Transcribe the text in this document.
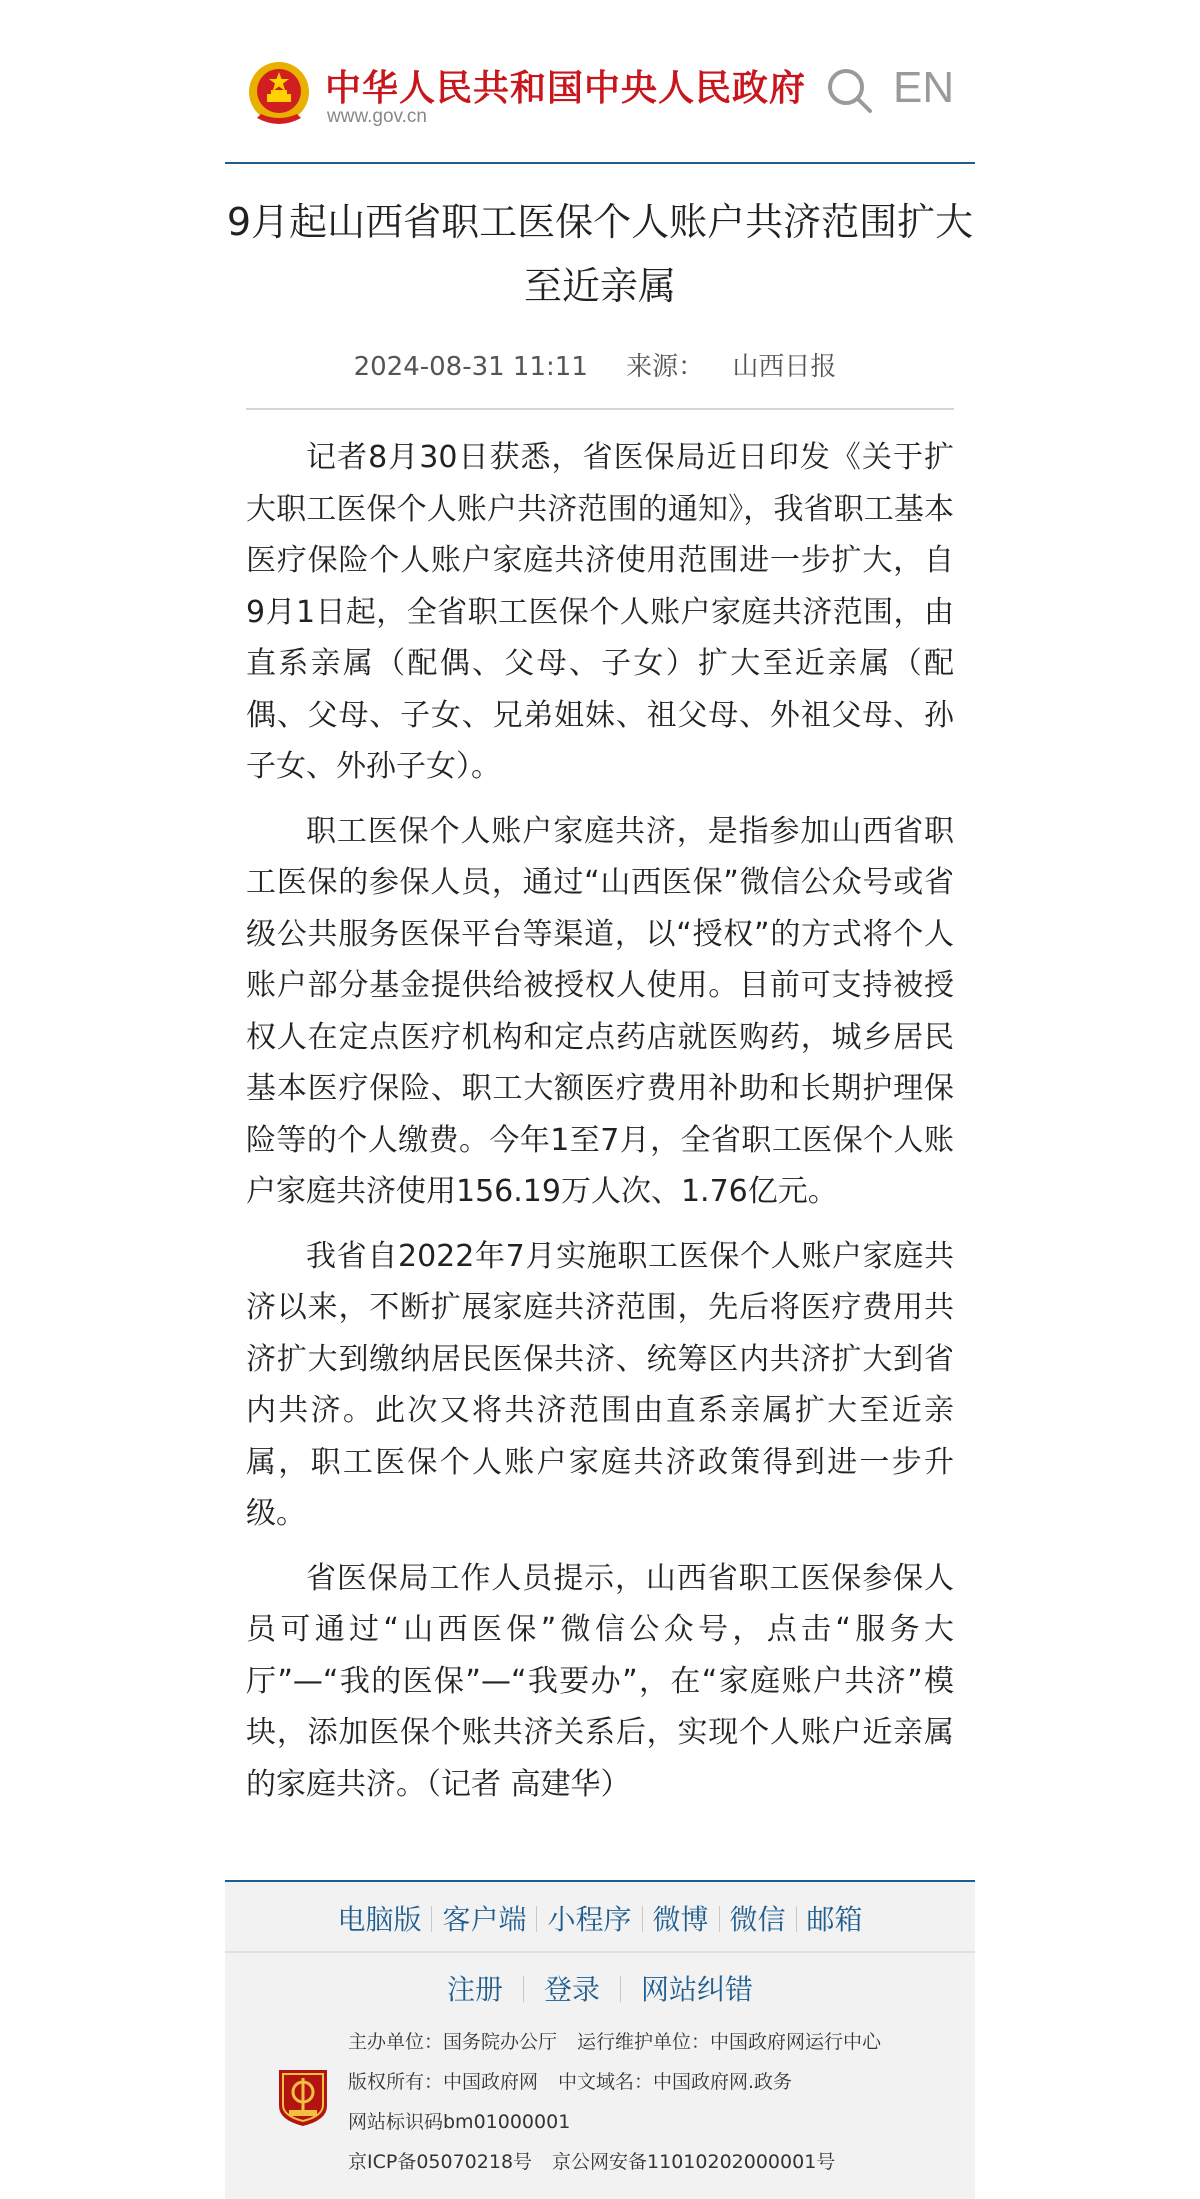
中华人民共和国中央人民政府
www.gov.cn
EN
9月起山西省职工医保个人账户共济范围扩大至近亲属
2024-08-31 11:11 来源： 山西日报

记者8月30日获悉，省医保局近日印发《关于扩大职工医保个人账户共济范围的通知》，我省职工基本医疗保险个人账户家庭共济使用范围进一步扩大，自9月1日起，全省职工医保个人账户家庭共济范围，由直系亲属（配偶、父母、子女）扩大至近亲属（配偶、父母、子女、兄弟姐妹、祖父母、外祖父母、孙子女、外孙子女）。

职工医保个人账户家庭共济，是指参加山西省职工医保的参保人员，通过“山西医保”微信公众号或省级公共服务医保平台等渠道，以“授权”的方式将个人账户部分基金提供给被授权人使用。目前可支持被授权人在定点医疗机构和定点药店就医购药，城乡居民基本医疗保险、职工大额医疗费用补助和长期护理保险等的个人缴费。今年1至7月，全省职工医保个人账户家庭共济使用156.19万人次、1.76亿元。

我省自2022年7月实施职工医保个人账户家庭共济以来，不断扩展家庭共济范围，先后将医疗费用共济扩大到缴纳居民医保共济、统筹区内共济扩大到省内共济。此次又将共济范围由直系亲属扩大至近亲属，职工医保个人账户家庭共济政策得到进一步升级。

省医保局工作人员提示，山西省职工医保参保人员可通过“山西医保”微信公众号，点击“服务大厅”—“我的医保”—“我要办”，在“家庭账户共济”模块，添加医保个账共济关系后，实现个人账户近亲属的家庭共济。（记者 高建华）

电脑版 客户端 小程序 微博 微信 邮箱
注册 登录 网站纠错
主办单位：国务院办公厅 运行维护单位：中国政府网运行中心
版权所有：中国政府网 中文域名：中国政府网.政务
网站标识码bm01000001
京ICP备05070218号 京公网安备11010202000001号
